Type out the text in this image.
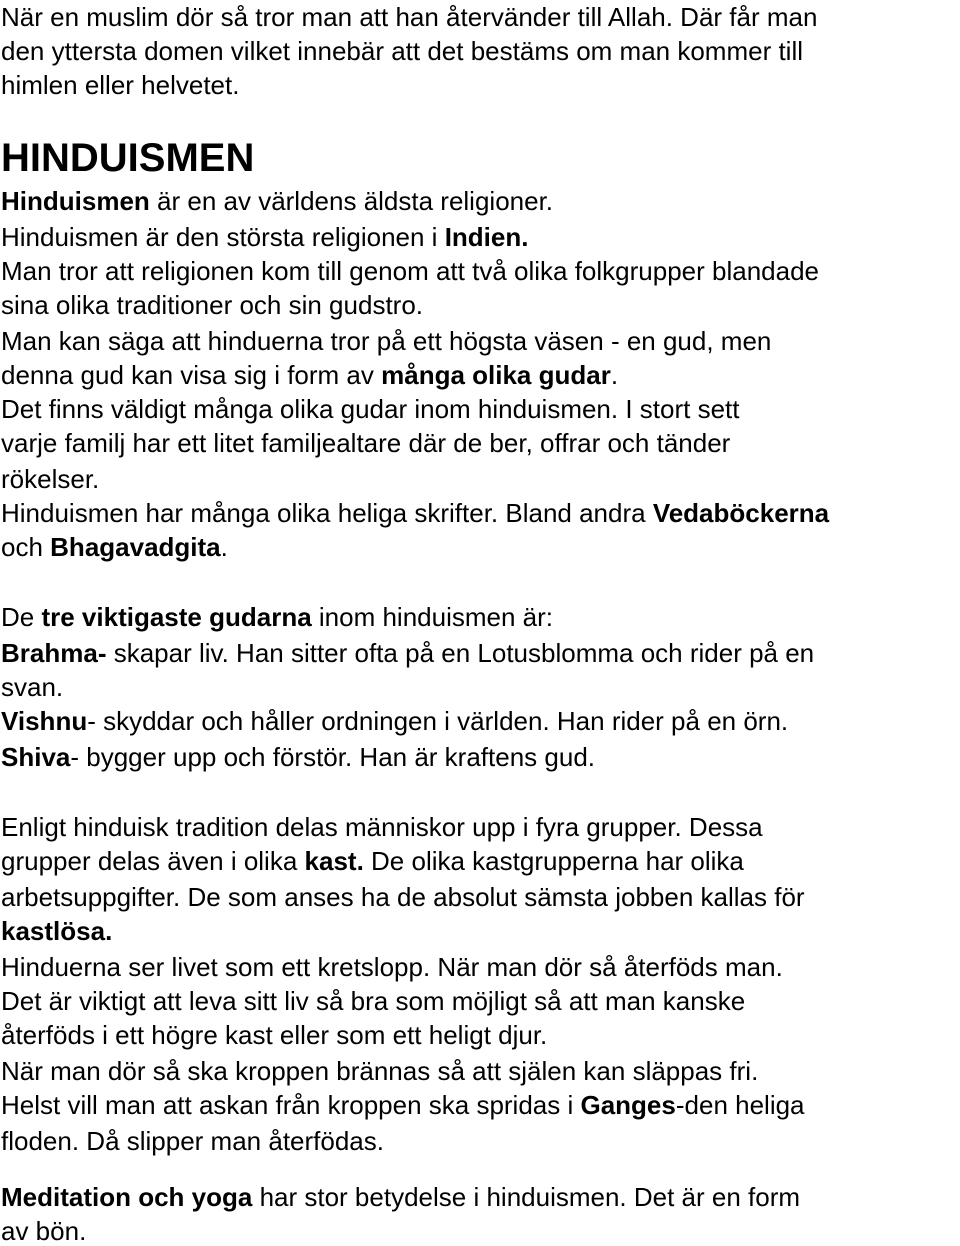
När en muslim dör så tror man att han återvänder till Allah. Där får man
den yttersta domen vilket innebär att det bestäms om man kommer till
himlen eller helvetet.
HINDUISMEN
Hinduismen är en av världens äldsta religioner.
Hinduismen är den största religionen i Indien.
Man tror att religionen kom till genom att två olika folkgrupper blandade
sina olika traditioner och sin gudstro.
Man kan säga att hinduerna tror på ett högsta väsen - en gud, men
denna gud kan visa sig i form av många olika gudar.
Det finns väldigt många olika gudar inom hinduismen. I stort sett
varje familj har ett litet familjealtare där de ber, offrar och tänder
rökelser.
Hinduismen har många olika heliga skrifter. Bland andra Vedaböckerna
och Bhagavadgita.
De tre viktigaste gudarna inom hinduismen är:
Brahma- skapar liv. Han sitter ofta på en Lotusblomma och rider på en
svan.
Vishnu- skyddar och håller ordningen i världen. Han rider på en örn.
Shiva- bygger upp och förstör. Han är kraftens gud.
Enligt hinduisk tradition delas människor upp i fyra grupper. Dessa
grupper delas även i olika kast. De olika kastgrupperna har olika
arbetsuppgifter. De som anses ha de absolut sämsta jobben kallas för
kastlösa.
Hinduerna ser livet som ett kretslopp. När man dör så återföds man.
Det är viktigt att leva sitt liv så bra som möjligt så att man kanske
återföds i ett högre kast eller som ett heligt djur.
När man dör så ska kroppen brännas så att själen kan släppas fri.
Helst vill man att askan från kroppen ska spridas i Ganges-den heliga
floden. Då slipper man återfödas.
Meditation och yoga har stor betydelse i hinduismen. Det är en form
av bön.
